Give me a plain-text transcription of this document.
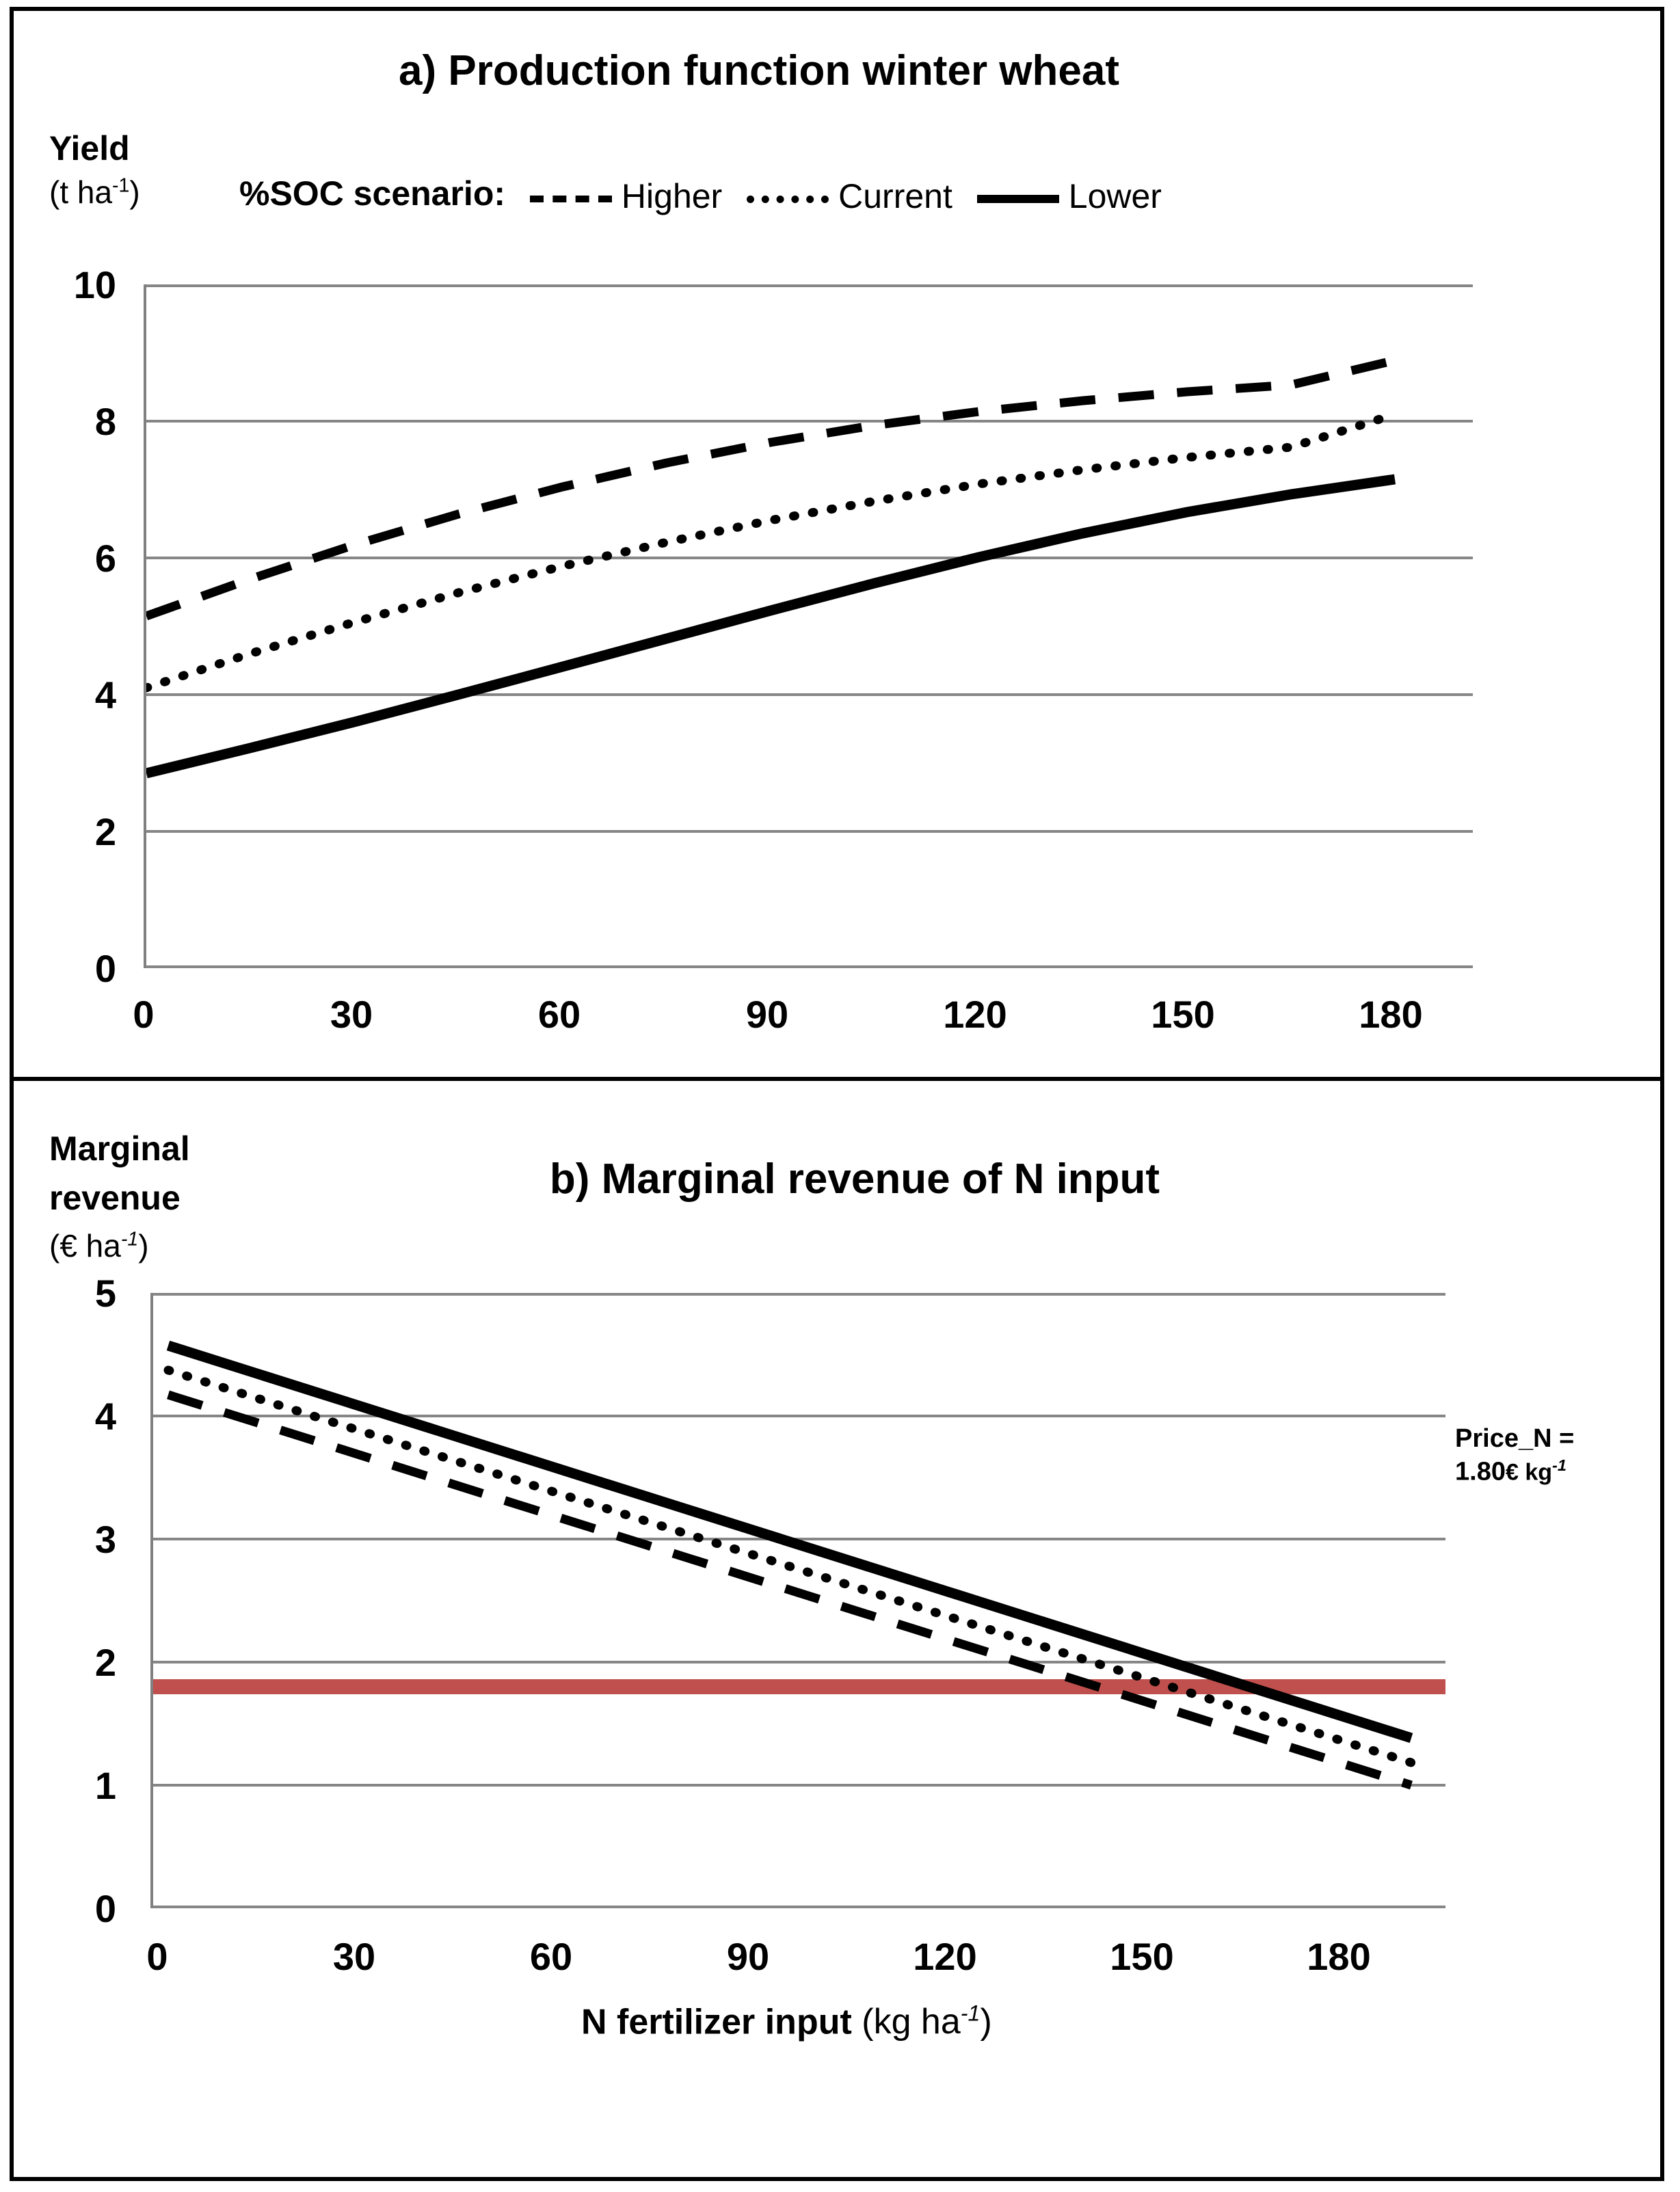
a) Production function winter wheat
Yield
(t $ha^{-1}$)	%SOC scenario:	Higher	Current	Lower
10
8
6
4
2
0
0	30	60	90	120	150	180
Marginal
revenue
(€ $ha^{-1}$)
b) Marginal revenue of N input
5
4
3
2
1
0
Price_N =
1.80€ $kg^{-1}$
0	30	60	90	120	150	180
N fertilizer input (kg $ha^{-1}$)
